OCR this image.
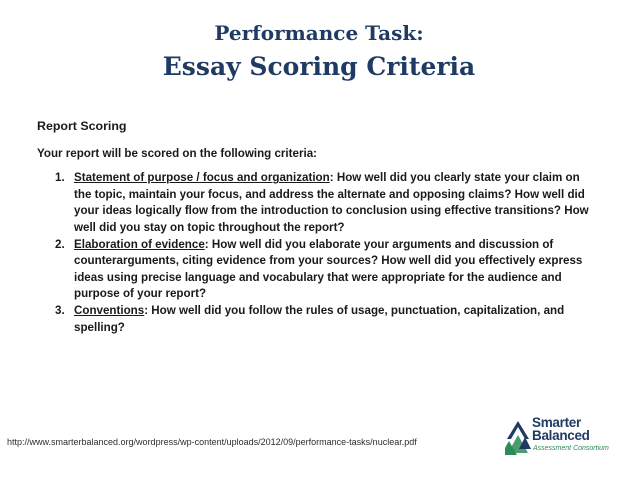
Performance Task:
Essay Scoring Criteria
Report Scoring
Your report will be scored on the following criteria:
1. Statement of purpose / focus and organization: How well did you clearly state your claim on the topic, maintain your focus, and address the alternate and opposing claims? How well did your ideas logically flow from the introduction to conclusion using effective transitions? How well did you stay on topic throughout the report?
2. Elaboration of evidence: How well did you elaborate your arguments and discussion of counterarguments, citing evidence from your sources? How well did you effectively express ideas using precise language and vocabulary that were appropriate for the audience and purpose of your report?
3. Conventions: How well did you follow the rules of usage, punctuation, capitalization, and spelling?
http://www.smarterbalanced.org/wordpress/wp-content/uploads/2012/09/performance-tasks/nuclear.pdf
Smarter
Balanced
Assessment Consortium
